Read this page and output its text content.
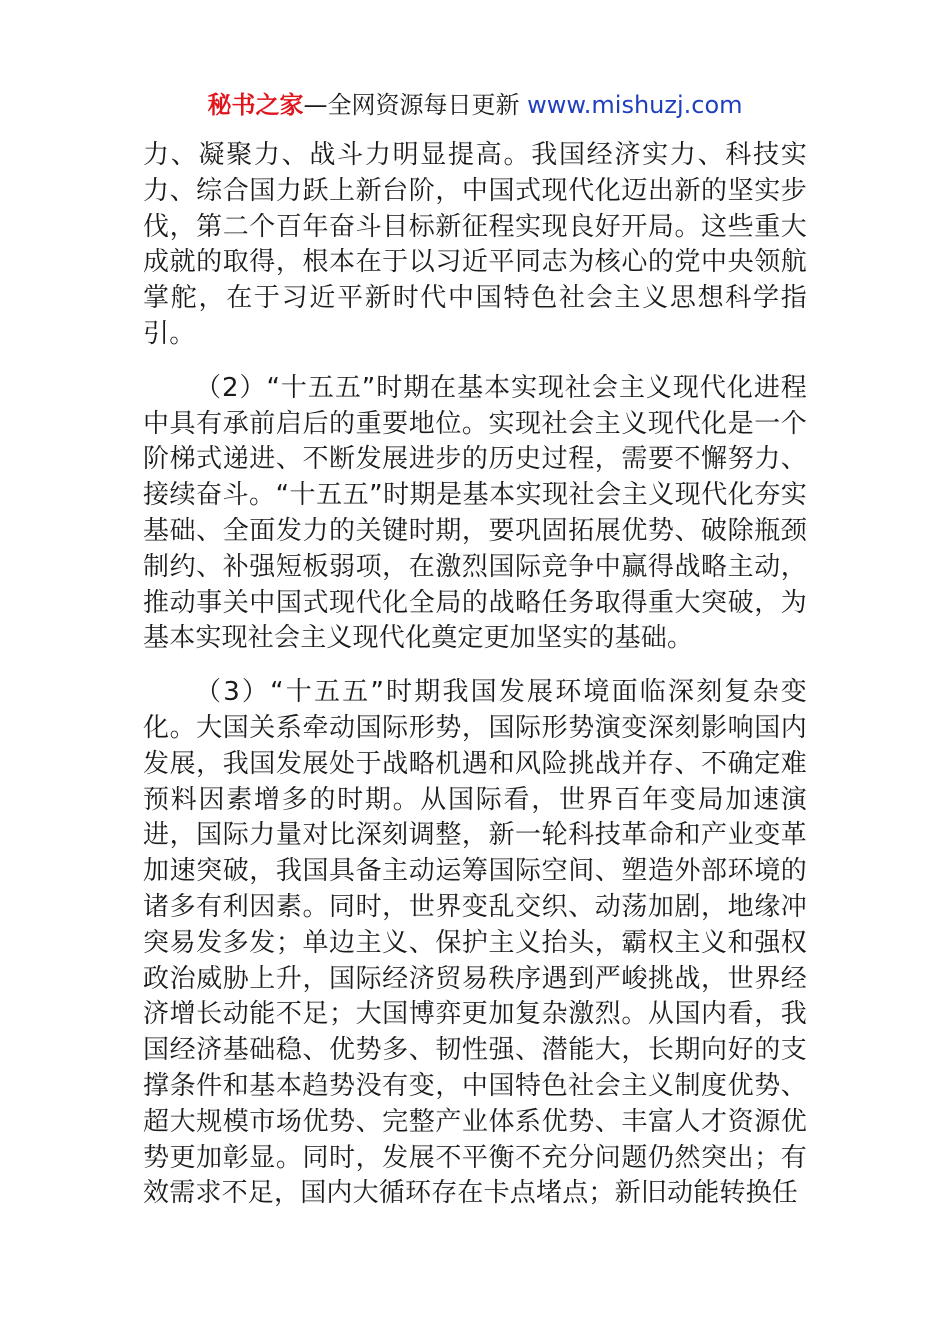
秘书之家—全网资源每日更新 www.mishuzj.com

力、凝聚力、战斗力明显提高。我国经济实力、科技实力、综合国力跃上新台阶，中国式现代化迈出新的坚实步伐，第二个百年奋斗目标新征程实现良好开局。这些重大成就的取得，根本在于以习近平同志为核心的党中央领航掌舵，在于习近平新时代中国特色社会主义思想科学指引。

（2）“十五五”时期在基本实现社会主义现代化进程中具有承前启后的重要地位。实现社会主义现代化是一个阶梯式递进、不断发展进步的历史过程，需要不懈努力、接续奋斗。“十五五”时期是基本实现社会主义现代化夯实基础、全面发力的关键时期，要巩固拓展优势、破除瓶颈制约、补强短板弱项，在激烈国际竞争中赢得战略主动，推动事关中国式现代化全局的战略任务取得重大突破，为基本实现社会主义现代化奠定更加坚实的基础。

（3）“十五五”时期我国发展环境面临深刻复杂变化。大国关系牵动国际形势，国际形势演变深刻影响国内发展，我国发展处于战略机遇和风险挑战并存、不确定难预料因素增多的时期。从国际看，世界百年变局加速演进，国际力量对比深刻调整，新一轮科技革命和产业变革加速突破，我国具备主动运筹国际空间、塑造外部环境的诸多有利因素。同时，世界变乱交织、动荡加剧，地缘冲突易发多发；单边主义、保护主义抬头，霸权主义和强权政治威胁上升，国际经济贸易秩序遇到严峻挑战，世界经济增长动能不足；大国博弈更加复杂激烈。从国内看，我国经济基础稳、优势多、韧性强、潜能大，长期向好的支撑条件和基本趋势没有变，中国特色社会主义制度优势、超大规模市场优势、完整产业体系优势、丰富人才资源优势更加彰显。同时，发展不平衡不充分问题仍然突出；有效需求不足，国内大循环存在卡点堵点；新旧动能转换任
